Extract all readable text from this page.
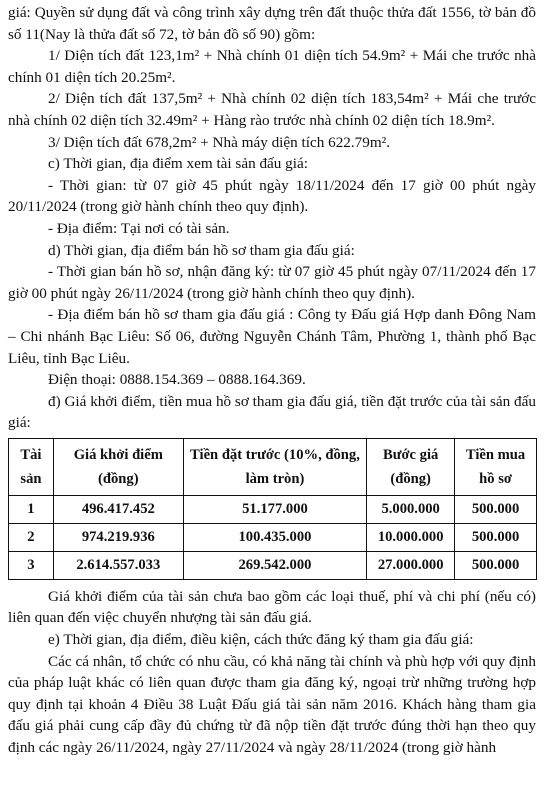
giá: Quyền sử dụng đất và công trình xây dựng trên đất thuộc thửa đất 1556, tờ bản đồ số 11(Nay là thửa đất số 72, tờ bản đồ số 90) gồm:

1/ Diện tích đất 123,1m² + Nhà chính 01 diện tích 54.9m² + Mái che trước nhà chính 01 diện tích 20.25m².

2/ Diện tích đất 137,5m² + Nhà chính 02 diện tích 183,54m² + Mái che trước nhà chính 02 diện tích 32.49m² + Hàng rào trước nhà chính 02 diện tích 18.9m².

3/ Diện tích đất 678,2m² + Nhà máy diện tích 622.79m².

c) Thời gian, địa điểm xem tài sản đấu giá:

- Thời gian: từ 07 giờ 45 phút ngày 18/11/2024 đến 17 giờ 00 phút ngày 20/11/2024 (trong giờ hành chính theo quy định).

- Địa điểm: Tại nơi có tài sản.

d) Thời gian, địa điểm bán hồ sơ tham gia đấu giá:

- Thời gian bán hồ sơ, nhận đăng ký: từ 07 giờ 45 phút ngày 07/11/2024 đến 17 giờ 00 phút ngày 26/11/2024 (trong giờ hành chính theo quy định).

- Địa điểm bán hồ sơ tham gia đấu giá : Công ty Đấu giá Hợp danh Đông Nam – Chi nhánh Bạc Liêu: Số 06, đường Nguyễn Chánh Tâm, Phường 1, thành phố Bạc Liêu, tỉnh Bạc Liêu.

Điện thoại: 0888.154.369 – 0888.164.369.

đ) Giá khởi điểm, tiền mua hồ sơ tham gia đấu giá, tiền đặt trước của tài sản đấu giá:

Tài sản	Giá khởi điểm (đồng)	Tiền đặt trước (10%, đồng, làm tròn)	Bước giá (đồng)	Tiền mua hồ sơ
1	496.417.452	51.177.000	5.000.000	500.000
2	974.219.936	100.435.000	10.000.000	500.000
3	2.614.557.033	269.542.000	27.000.000	500.000

Giá khởi điểm của tài sản chưa bao gồm các loại thuế, phí và chi phí (nếu có) liên quan đến việc chuyển nhượng tài sản đấu giá.

e) Thời gian, địa điểm, điều kiện, cách thức đăng ký tham gia đấu giá:

Các cá nhân, tổ chức có nhu cầu, có khả năng tài chính và phù hợp với quy định của pháp luật khác có liên quan được tham gia đăng ký, ngoại trừ những trường hợp quy định tại khoản 4 Điều 38 Luật Đấu giá tài sản năm 2016. Khách hàng tham gia đấu giá phải cung cấp đầy đủ chứng từ đã nộp tiền đặt trước đúng thời hạn theo quy định các ngày 26/11/2024, ngày 27/11/2024 và ngày 28/11/2024 (trong giờ hành
